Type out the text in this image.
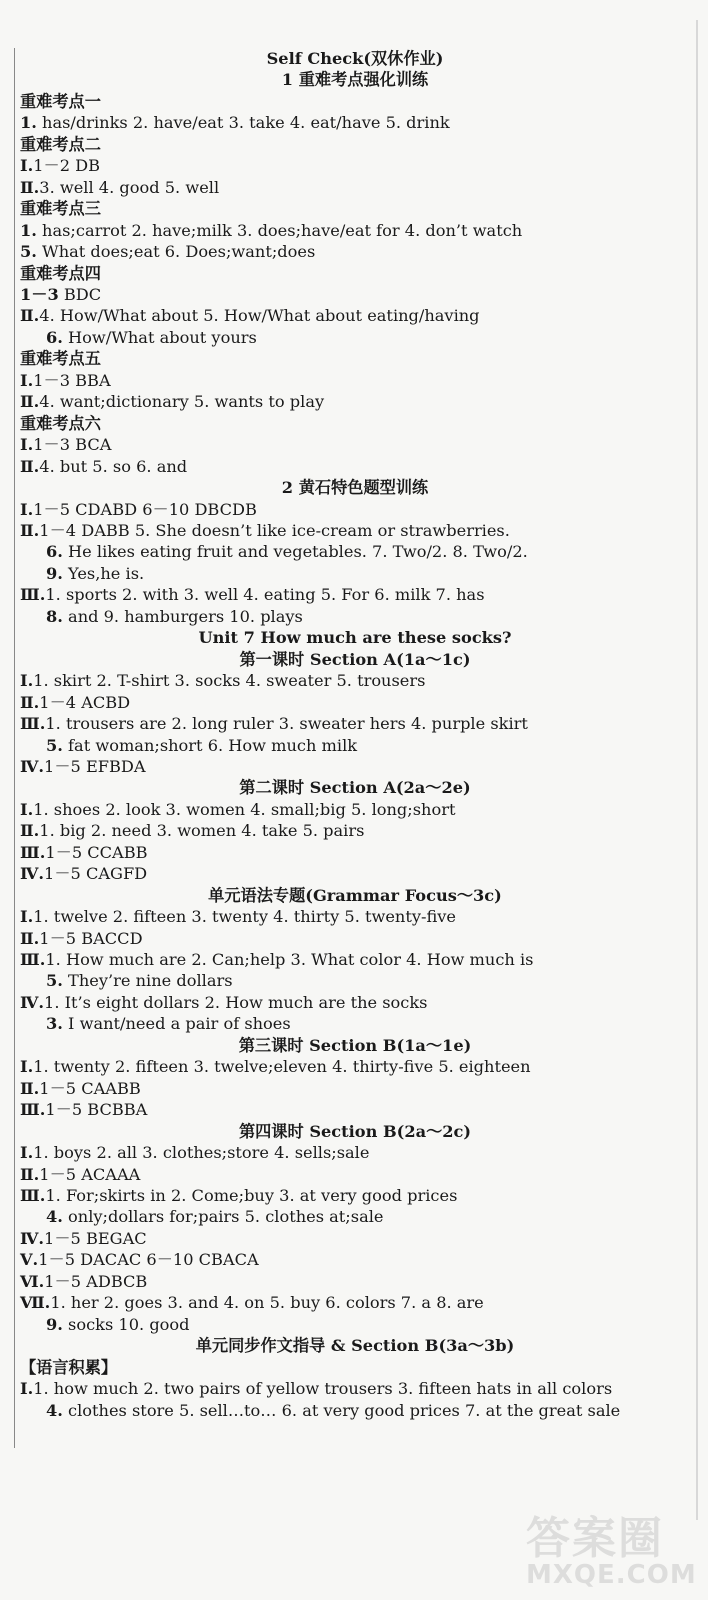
Self Check(双休作业)
1 重难考点强化训练
重难考点一
1. has/drinks 2. have/eat 3. take 4. eat/have 5. drink
重难考点二
Ⅰ.1－2 DB
Ⅱ.3. well 4. good 5. well
重难考点三
1. has;carrot 2. have;milk 3. does;have/eat for 4. don’t watch
5. What does;eat 6. Does;want;does
重难考点四
1－3 BDC
Ⅱ.4. How/What about 5. How/What about eating/having
6. How/What about yours
重难考点五
Ⅰ.1－3 BBA
Ⅱ.4. want;dictionary 5. wants to play
重难考点六
Ⅰ.1－3 BCA
Ⅱ.4. but 5. so 6. and
2 黄石特色题型训练
Ⅰ.1－5 CDABD 6－10 DBCDB
Ⅱ.1－4 DABB 5. She doesn’t like ice-cream or strawberries.
6. He likes eating fruit and vegetables. 7. Two/2. 8. Two/2.
9. Yes,he is.
Ⅲ.1. sports 2. with 3. well 4. eating 5. For 6. milk 7. has
8. and 9. hamburgers 10. plays
Unit 7 How much are these socks?
第一课时 Section A(1a～1c)
Ⅰ.1. skirt 2. T-shirt 3. socks 4. sweater 5. trousers
Ⅱ.1－4 ACBD
Ⅲ.1. trousers are 2. long ruler 3. sweater hers 4. purple skirt
5. fat woman;short 6. How much milk
Ⅳ.1－5 EFBDA
第二课时 Section A(2a～2e)
Ⅰ.1. shoes 2. look 3. women 4. small;big 5. long;short
Ⅱ.1. big 2. need 3. women 4. take 5. pairs
Ⅲ.1－5 CCABB
Ⅳ.1－5 CAGFD
单元语法专题(Grammar Focus～3c)
Ⅰ.1. twelve 2. fifteen 3. twenty 4. thirty 5. twenty-five
Ⅱ.1－5 BACCD
Ⅲ.1. How much are 2. Can;help 3. What color 4. How much is
5. They’re nine dollars
Ⅳ.1. It’s eight dollars 2. How much are the socks
3. I want/need a pair of shoes
第三课时 Section B(1a～1e)
Ⅰ.1. twenty 2. fifteen 3. twelve;eleven 4. thirty-five 5. eighteen
Ⅱ.1－5 CAABB
Ⅲ.1－5 BCBBA
第四课时 Section B(2a～2c)
Ⅰ.1. boys 2. all 3. clothes;store 4. sells;sale
Ⅱ.1－5 ACAAA
Ⅲ.1. For;skirts in 2. Come;buy 3. at very good prices
4. only;dollars for;pairs 5. clothes at;sale
Ⅳ.1－5 BEGAC
Ⅴ.1－5 DACAC 6－10 CBACA
Ⅵ.1－5 ADBCB
Ⅶ.1. her 2. goes 3. and 4. on 5. buy 6. colors 7. a 8. are
9. socks 10. good
单元同步作文指导 & Section B(3a～3b)
【语言积累】
Ⅰ.1. how much 2. two pairs of yellow trousers 3. fifteen hats in all colors
4. clothes store 5. sell…to… 6. at very good prices 7. at the great sale
答案圈
MXQE.COM
